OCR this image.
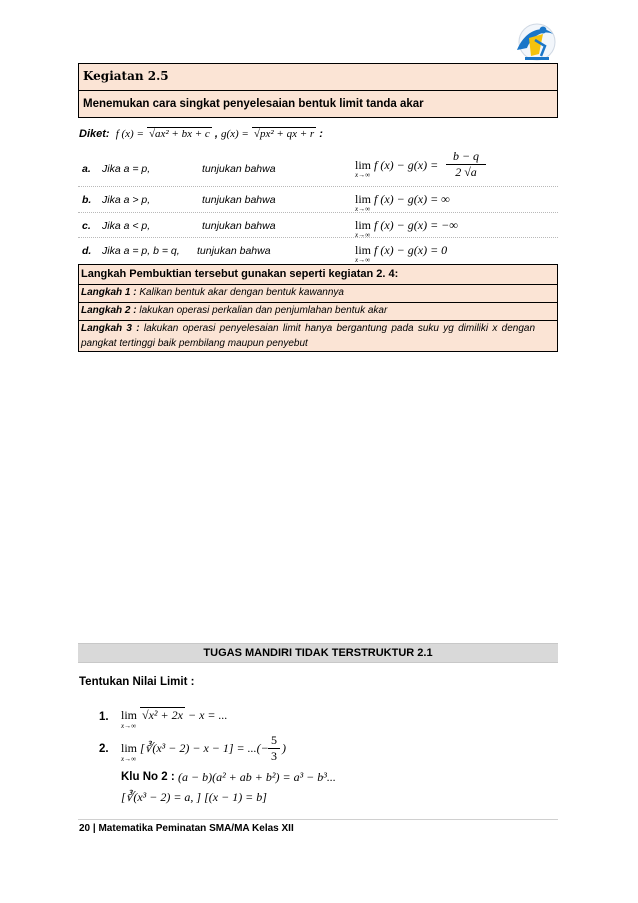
Kegiatan 2.5
Menemukan cara singkat penyelesaian bentuk limit tanda akar
Diket: f (x) = √ax² + bx + c , g(x) = √px² + qx + r :
a. Jika a = p,	tunjukan bahwa	lim f (x) − g(x) =
x→∞	$\frac{b - q}{2 √a}$
b. Jika a > p,	tunjukan bahwa	lim f (x) − g(x) = ∞
x→∞
c. Jika a < p,	tunjukan bahwa	lim f (x) − g(x) = −∞
x→∞
d. Jika a = p, b = q, tunjukan bahwa	lim f (x) − g(x) = 0
x→∞
Langkah Pembuktian tersebut gunakan seperti kegiatan 2. 4:
Langkah 1 : Kalikan bentuk akar dengan bentuk kawannya
Langkah 2 : lakukan operasi perkalian dan penjumlahan bentuk akar
Langkah 3 : lakukan operasi penyelesaian limit hanya bergantung pada suku yg dimiliki x dengan
pangkat tertinggi baik pembilang maupun penyebut
TUGAS MANDIRI TIDAK TERSTRUKTUR 2.1
Tentukan Nilai Limit :
1. lim √x² + 2x − x = ...
x→∞
2. lim [∛(x³ − 2) − x − 1] = ...(−
x→∞	$\frac{5}{3}$ )
Klu No 2 : (a − b)(a² + ab + b²) = a³ − b³...
[∛(x³ − 2) = a, ] [(x − 1) = b]
20 | Matematika Peminatan SMA/MA Kelas XII
